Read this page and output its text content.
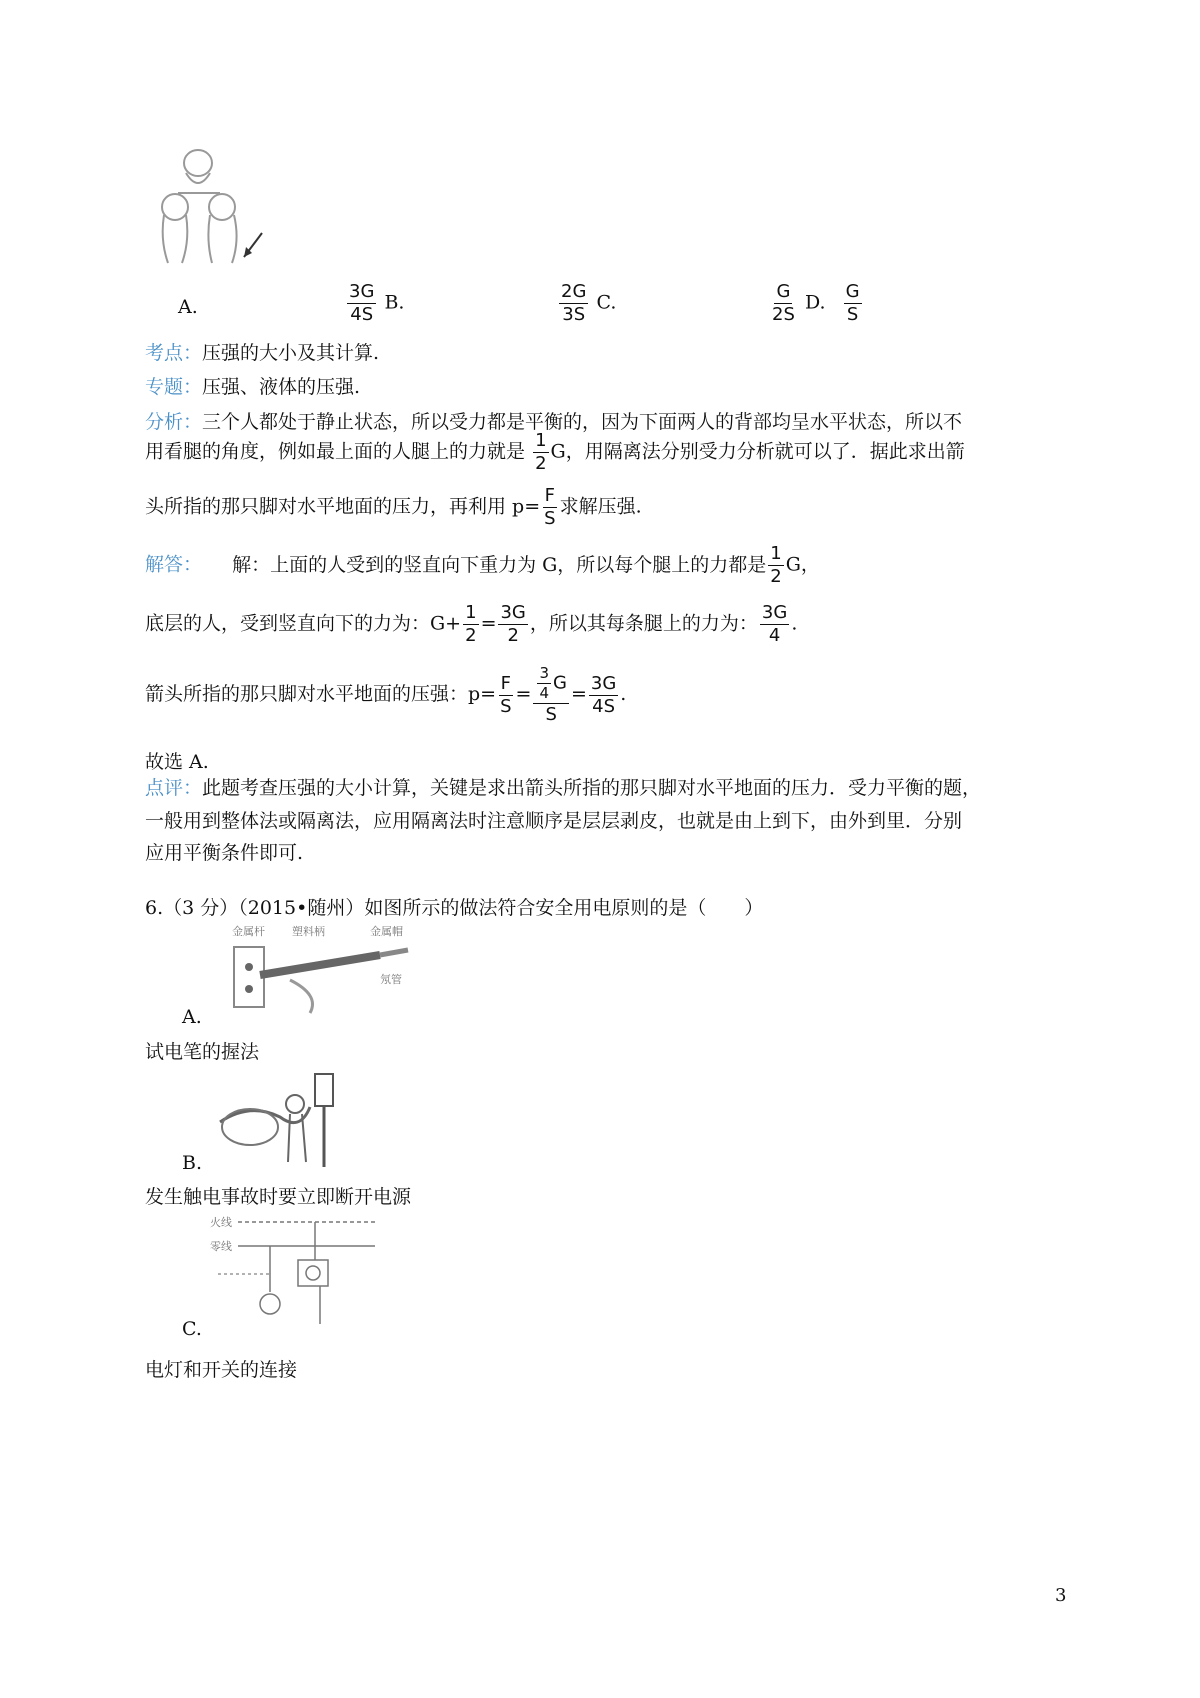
A.	$\frac{3G}{4S} B$.	$\frac{2G}{3S} C$.	$\frac{G}{2S} D$. $\frac{G}{S}$
考点：压强的大小及其计算.
专题：压强、液体的压强.
分析：三个人都处于静止状态，所以受力都是平衡的，因为下面两人的背部均呈水平状态，所以不
用看腿的角度，例如最上面的人腿上的力就是 $\frac{1}{2}$ G，用隔离法分别受力分析就可以了．据此求出箭
头所指的那只脚对水平地面的压力，再利用 $p= \frac{F}{S}$ 求解压强.
解答： 解：上面的人受到的竖直向下重力为 G，所以每个腿上的力都是 $\frac{1}{2}$ G，
底层的人，受到竖直向下的力为：$G+ \frac{1}{2} = \frac{3G}{2}$ ，所以其每条腿上的力为： $\frac{3G}{4}$ .
箭头所指的那只脚对水平地面的压强：$p= \frac{F}{S} = \frac{\frac{3}{4} G}{S} = \frac{3G}{4S}$ .
故选 A.
点评：此题考查压强的大小计算，关键是求出箭头所指的那只脚对水平地面的压力．受力平衡的题，
一般用到整体法或隔离法，应用隔离法时注意顺序是层层剥皮，也就是由上到下，由外到里．分别
应用平衡条件即可.
6.（3 分）（2015•随州）如图所示的做法符合安全用电原则的是（　　）
金属杆 塑料柄	金属帽
氖管
A.
试电笔的握法
B.
发生触电事故时要立即断开电源
火线
零线
C.
电灯和开关的连接
3
